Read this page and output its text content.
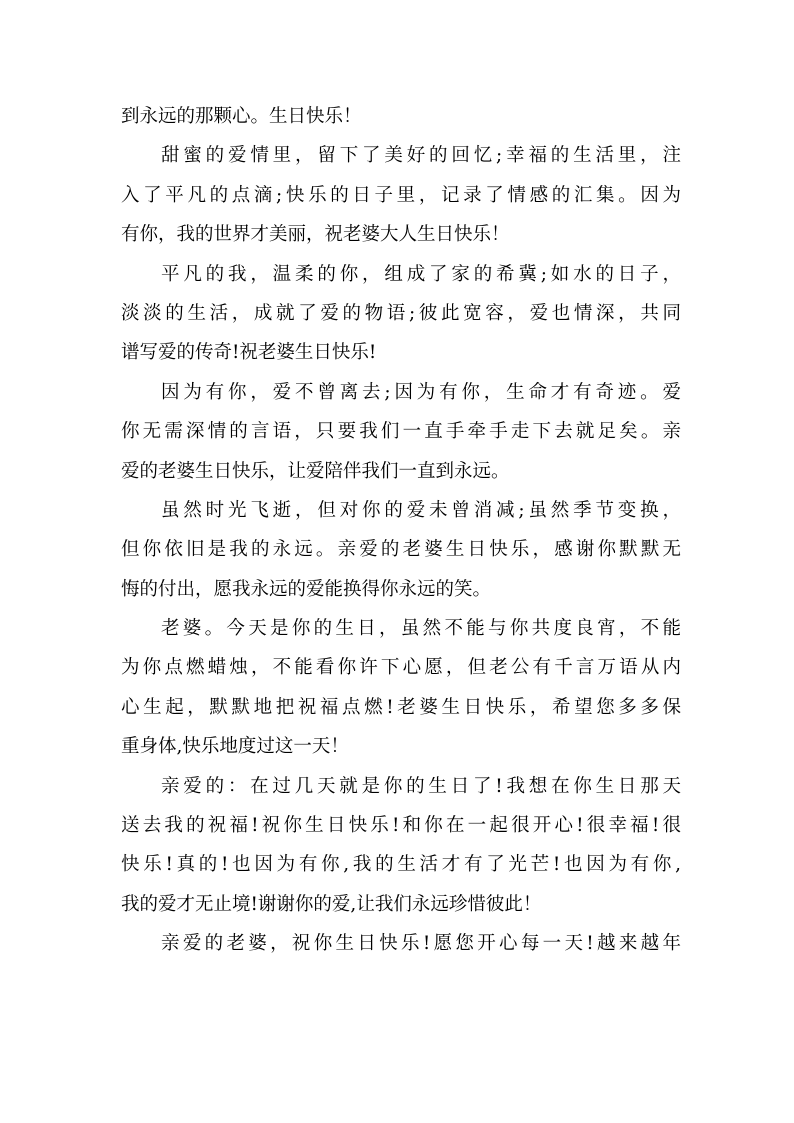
到永远的那颗心。生日快乐！
甜蜜的爱情里，留下了美好的回忆;幸福的生活里，注
入了平凡的点滴;快乐的日子里，记录了情感的汇集。因为
有你，我的世界才美丽，祝老婆大人生日快乐！
平凡的我，温柔的你，组成了家的希冀;如水的日子，
淡淡的生活，成就了爱的物语;彼此宽容，爱也情深，共同
谱写爱的传奇!祝老婆生日快乐!
因为有你，爱不曾离去;因为有你，生命才有奇迹。爱
你无需深情的言语，只要我们一直手牵手走下去就足矣。亲
爱的老婆生日快乐，让爱陪伴我们一直到永远。
虽然时光飞逝，但对你的爱未曾消减;虽然季节变换，
但你依旧是我的永远。亲爱的老婆生日快乐，感谢你默默无
悔的付出，愿我永远的爱能换得你永远的笑。
老婆。今天是你的生日，虽然不能与你共度良宵，不能
为你点燃蜡烛，不能看你许下心愿，但老公有千言万语从内
心生起，默默地把祝福点燃!老婆生日快乐，希望您多多保
重身体,快乐地度过这一天！
亲爱的：在过几天就是你的生日了!我想在你生日那天
送去我的祝福!祝你生日快乐!和你在一起很开心!很幸福!很
快乐!真的!也因为有你,我的生活才有了光芒!也因为有你,
我的爱才无止境!谢谢你的爱,让我们永远珍惜彼此！
亲爱的老婆，祝你生日快乐!愿您开心每一天!越来越年
